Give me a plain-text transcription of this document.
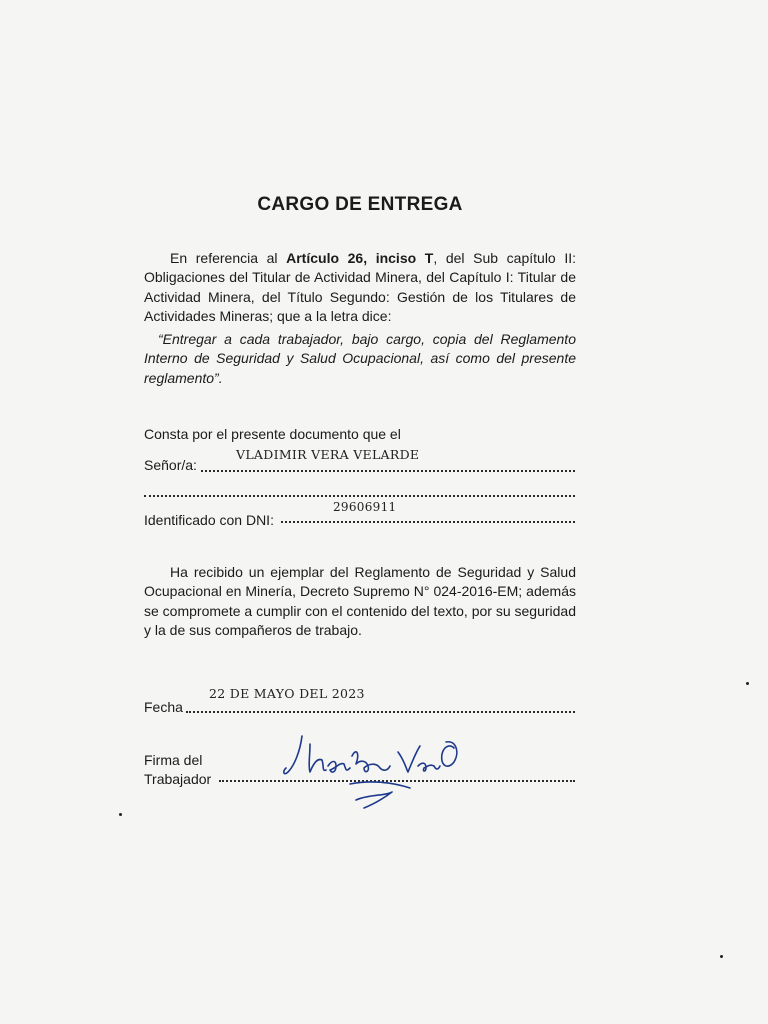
CARGO DE ENTREGA

En referencia al Artículo 26, inciso T, del Sub capítulo II: Obligaciones del Titular de Actividad Minera, del Capítulo I: Titular de Actividad Minera, del Título Segundo: Gestión de los Titulares de Actividades Mineras; que a la letra dice:

“Entregar a cada trabajador, bajo cargo, copia del Reglamento Interno de Seguridad y Salud Ocupacional, así como del presente reglamento”.

Consta por el presente documento que el

Señor/a:
VLADIMIR VERA VELARDE
Identificado con DNI:
29606911

Ha recibido un ejemplar del Reglamento de Seguridad y Salud Ocupacional en Minería, Decreto Supremo N° 024-2016-EM; además se compromete a cumplir con el contenido del texto, por su seguridad y la de sus compañeros de trabajo.

Fecha
22 DE MAYO DEL 2023
Firma del
Trabajador
